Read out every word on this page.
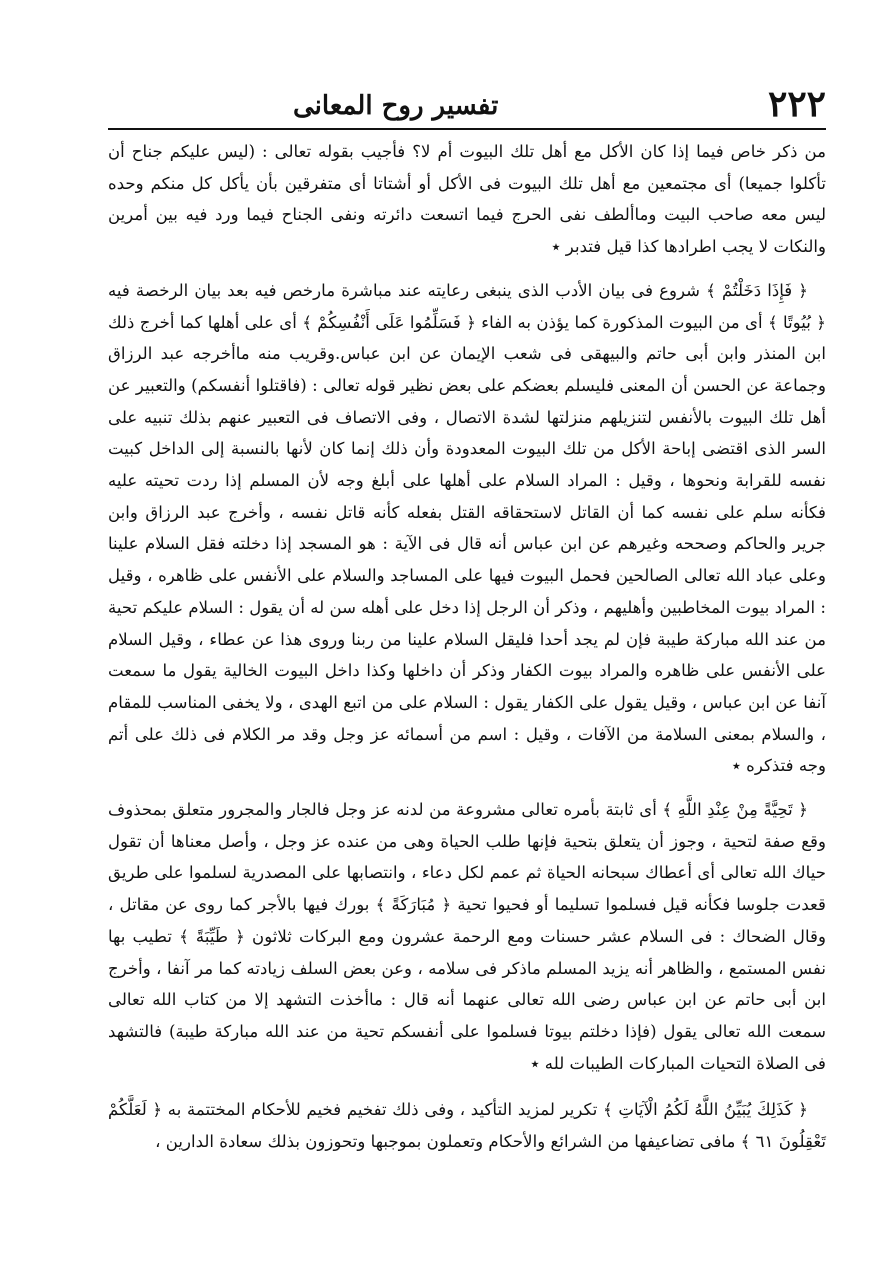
٢٢٢
تفسير روح المعانى

من ذكر خاص فيما إذا كان الأكل مع أهل تلك البيوت أم لا؟ فأجيب بقوله تعالى : (ليس عليكم جناح أن تأكلوا جميعا) أى مجتمعين مع أهل تلك البيوت فى الأكل أو أشتاتا أى متفرقين بأن يأكل كل منكم وحده ليس معه صاحب البيت وماألطف نفى الحرج فيما اتسعت دائرته ونفى الجناح فيما ورد فيه بين أمرين والنكات لا يجب اطرادها كذا قيل فتدبر ٭

﴿ فَإِذَا دَخَلْتُمْ ﴾ شروع فى بيان الأدب الذى ينبغى رعايته عند مباشرة مارخص فيه بعد بيان الرخصة فيه ﴿ بُيُوتًا ﴾ أى من البيوت المذكورة كما يؤذن به الفاء ﴿ فَسَلِّمُوا عَلَى أَنْفُسِكُمْ ﴾ أى على أهلها كما أخرج ذلك ابن المنذر وابن أبى حاتم والبيهقى فى شعب الإيمان عن ابن عباس.وقريب منه ماأخرجه عبد الرزاق وجماعة عن الحسن أن المعنى فليسلم بعضكم على بعض نظير قوله تعالى : (فاقتلوا أنفسكم) والتعبير عن أهل تلك البيوت بالأنفس لتنزيلهم منزلتها لشدة الاتصال ، وفى الاتصاف فى التعبير عنهم بذلك تنبيه على السر الذى اقتضى إباحة الأكل من تلك البيوت المعدودة وأن ذلك إنما كان لأنها بالنسبة إلى الداخل كبيت نفسه للقرابة ونحوها ، وقيل : المراد السلام على أهلها على أبلغ وجه لأن المسلم إذا ردت تحيته عليه فكأنه سلم على نفسه كما أن القاتل لاستحقاقه القتل بفعله كأنه قاتل نفسه ، وأخرج عبد الرزاق وابن جرير والحاكم وصححه وغيرهم عن ابن عباس أنه قال فى الآية : هو المسجد إذا دخلته فقل السلام علينا وعلى عباد الله تعالى الصالحين فحمل البيوت فيها على المساجد والسلام على الأنفس على ظاهره ، وقيل : المراد بيوت المخاطبين وأهليهم ، وذكر أن الرجل إذا دخل على أهله سن له أن يقول : السلام عليكم تحية من عند الله مباركة طيبة فإن لم يجد أحدا فليقل السلام علينا من ربنا وروى هذا عن عطاء ، وقيل السلام على الأنفس على ظاهره والمراد بيوت الكفار وذكر أن داخلها وكذا داخل البيوت الخالية يقول ما سمعت آنفا عن ابن عباس ، وقيل يقول على الكفار يقول : السلام على من اتبع الهدى ، ولا يخفى المناسب للمقام ، والسلام بمعنى السلامة من الآفات ، وقيل : اسم من أسمائه عز وجل وقد مر الكلام فى ذلك على أتم وجه فتذكره ٭

﴿ تَحِيَّةً مِنْ عِنْدِ اللَّهِ ﴾ أى ثابتة بأمره تعالى مشروعة من لدنه عز وجل فالجار والمجرور متعلق بمحذوف وقع صفة لتحية ، وجوز أن يتعلق بتحية فإنها طلب الحياة وهى من عنده عز وجل ، وأصل معناها أن تقول حياك الله تعالى أى أعطاك سبحانه الحياة ثم عمم لكل دعاء ، وانتصابها على المصدرية لسلموا على طريق قعدت جلوسا فكأنه قيل فسلموا تسليما أو فحيوا تحية ﴿ مُبَارَكَةً ﴾ بورك فيها بالأجر كما روى عن مقاتل ، وقال الضحاك : فى السلام عشر حسنات ومع الرحمة عشرون ومع البركات ثلاثون ﴿ طَيِّبَةً ﴾ تطيب بها نفس المستمع ، والظاهر أنه يزيد المسلم ماذكر فى سلامه ، وعن بعض السلف زيادته كما مر آنفا ، وأخرج ابن أبى حاتم عن ابن عباس رضى الله تعالى عنهما أنه قال : ماأخذت التشهد إلا من كتاب الله تعالى سمعت الله تعالى يقول (فإذا دخلتم بيوتا فسلموا على أنفسكم تحية من عند الله مباركة طيبة) فالتشهد فى الصلاة التحيات المباركات الطيبات لله ٭

﴿ كَذَلِكَ يُبَيِّنُ اللَّهُ لَكُمُ الْآيَاتِ ﴾ تكرير لمزيد التأكيد ، وفى ذلك تفخيم فخيم للأحكام المختتمة به ﴿ لَعَلَّكُمْ تَعْقِلُونَ ٦١ ﴾ مافى تضاعيفها من الشرائع والأحكام وتعملون بموجبها وتحوزون بذلك سعادة الدارين ،
